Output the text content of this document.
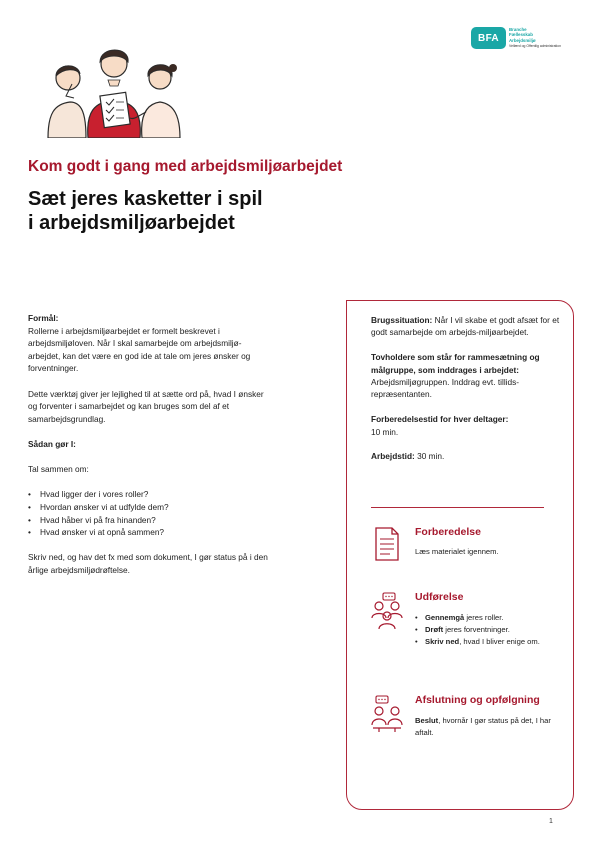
BFA
Branche
Fællesskab
Arbejdsmiljø
Velfærd og Offentlig administration
Kom godt i gang med arbejdsmiljøarbejdet
Sæt jeres kasketter i spil
i arbejdsmiljøarbejdet
Formål:

Rollerne i arbejdsmiljøarbejdet er formelt beskrevet i arbejdsmiljøloven. Når I skal samarbejde om arbejdsmiljø-arbejdet, kan det være en god ide at tale om jeres ønsker og forventninger.

Dette værktøj giver jer lejlighed til at sætte ord på, hvad I ønsker og forventer i samarbejdet og kan bruges som del af et samarbejdsgrundlag.

Sådan gør I:

Tal sammen om:

• Hvad ligger der i vores roller?
• Hvordan ønsker vi at udfylde dem?
• Hvad håber vi på fra hinanden?
• Hvad ønsker vi at opnå sammen?

Skriv ned, og hav det fx med som dokument, I gør status på i den årlige arbejdsmiljødrøftelse.

Brugssituation: Når I vil skabe et godt afsæt for et godt samarbejde om arbejds-miljøarbejdet.

Tovholdere som står for rammesætning og målgruppe, som inddrages i arbejdet: Arbejdsmiljøgruppen. Inddrag evt. tillids-repræsentanten.

Forberedelsestid for hver deltager:
10 min.

Arbejdstid: 30 min.

Forberedelse
Læs materialet igennem.
Udførelse
• Gennemgå jeres roller.
• Drøft jeres forventninger.
• Skriv ned, hvad I bliver enige om.
Afslutning og opfølgning
Beslut, hvornår I gør status på det, I har aftalt.
1
